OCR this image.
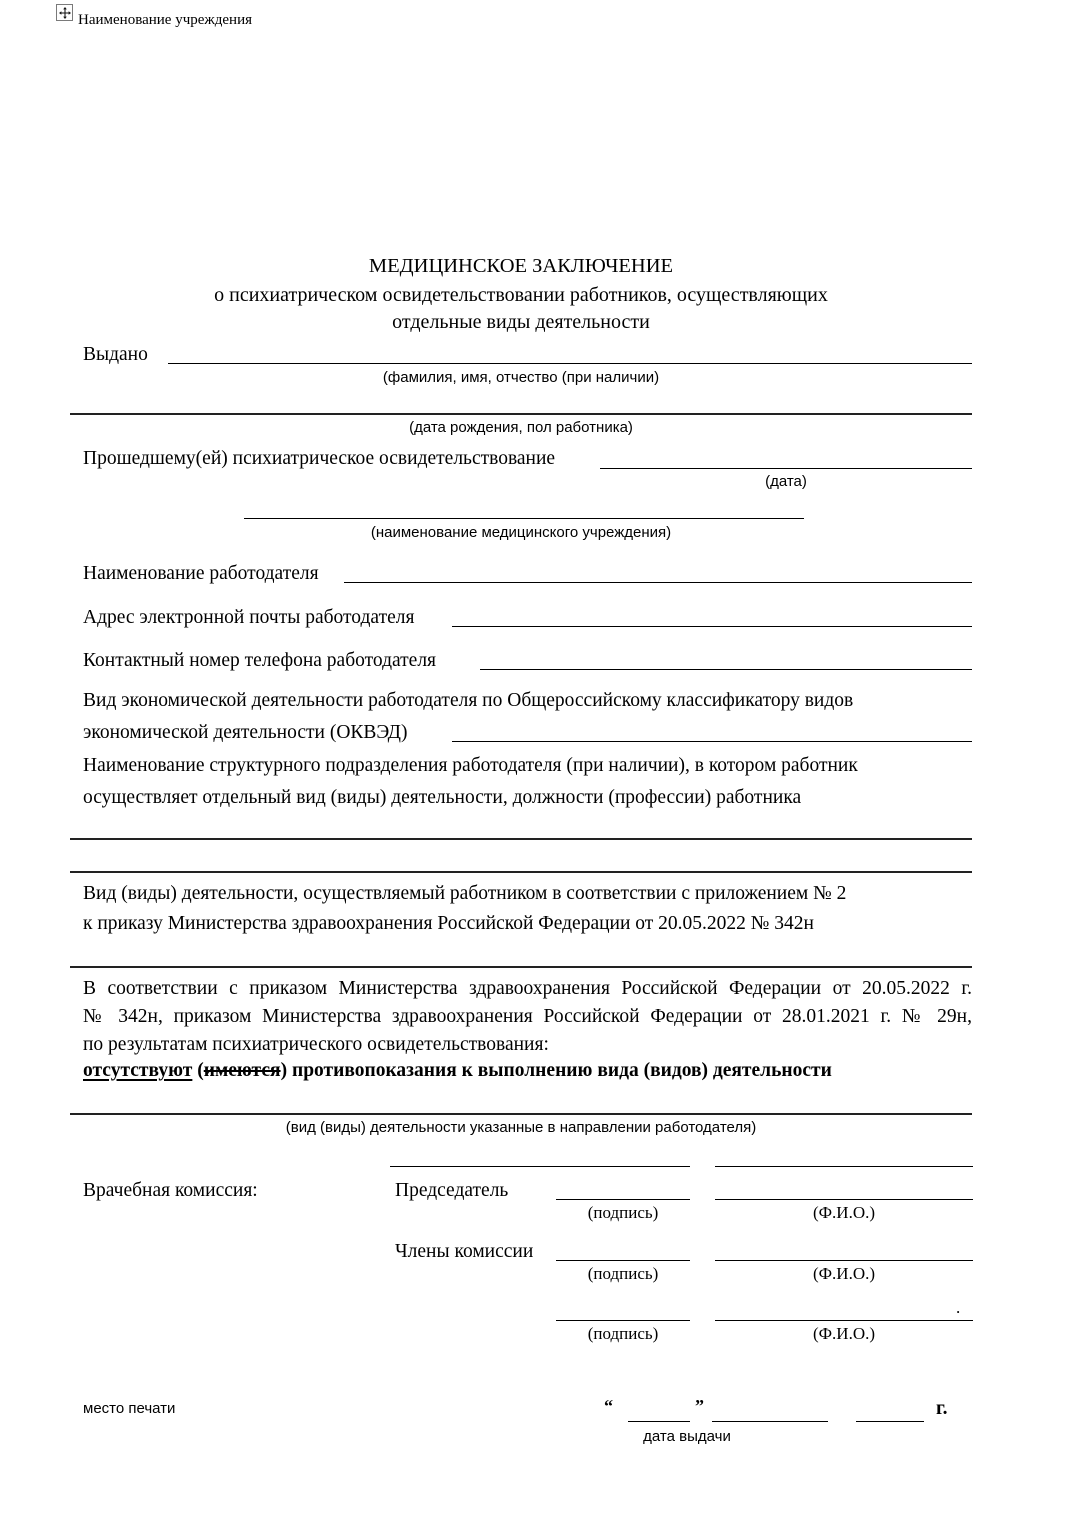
Наименование учреждения
МЕДИЦИНСКОЕ ЗАКЛЮЧЕНИЕ
о психиатрическом освидетельствовании работников, осуществляющих
отдельные виды деятельности
Выдано
(фамилия, имя, отчество (при наличии)
(дата рождения, пол работника)
Прошедшему(ей) психиатрическое освидетельствование
(дата)
(наименование медицинского учреждения)
Наименование работодателя
Адрес электронной почты работодателя
Контактный номер телефона работодателя
Вид экономической деятельности работодателя по Общероссийскому классификатору видов
экономической деятельности (ОКВЭД)
Наименование структурного подразделения работодателя (при наличии), в котором работник
осуществляет отдельный вид (виды) деятельности, должности (профессии) работника
Вид (виды) деятельности, осуществляемый работником в соответствии с приложением № 2
к приказу Министерства здравоохранения Российской Федерации от 20.05.2022 № 342н
В соответствии с приказом Министерства здравоохранения Российской Федерации от 20.05.2022 г.
№ 342н, приказом Министерства здравоохранения Российской Федерации от 28.01.2021 г. № 29н,
по результатам психиатрического освидетельствования:
отсутствуют (имеются) противопоказания к выполнению вида (видов) деятельности
(вид (виды) деятельности указанные в направлении работодателя)
Врачебная комиссия:	Председатель
(подпись)	(Ф.И.О.)
Члены комиссии
(подпись)	(Ф.И.О.)
.
(подпись)	(Ф.И.О.)
место печати	“	”	г.
дата выдачи
